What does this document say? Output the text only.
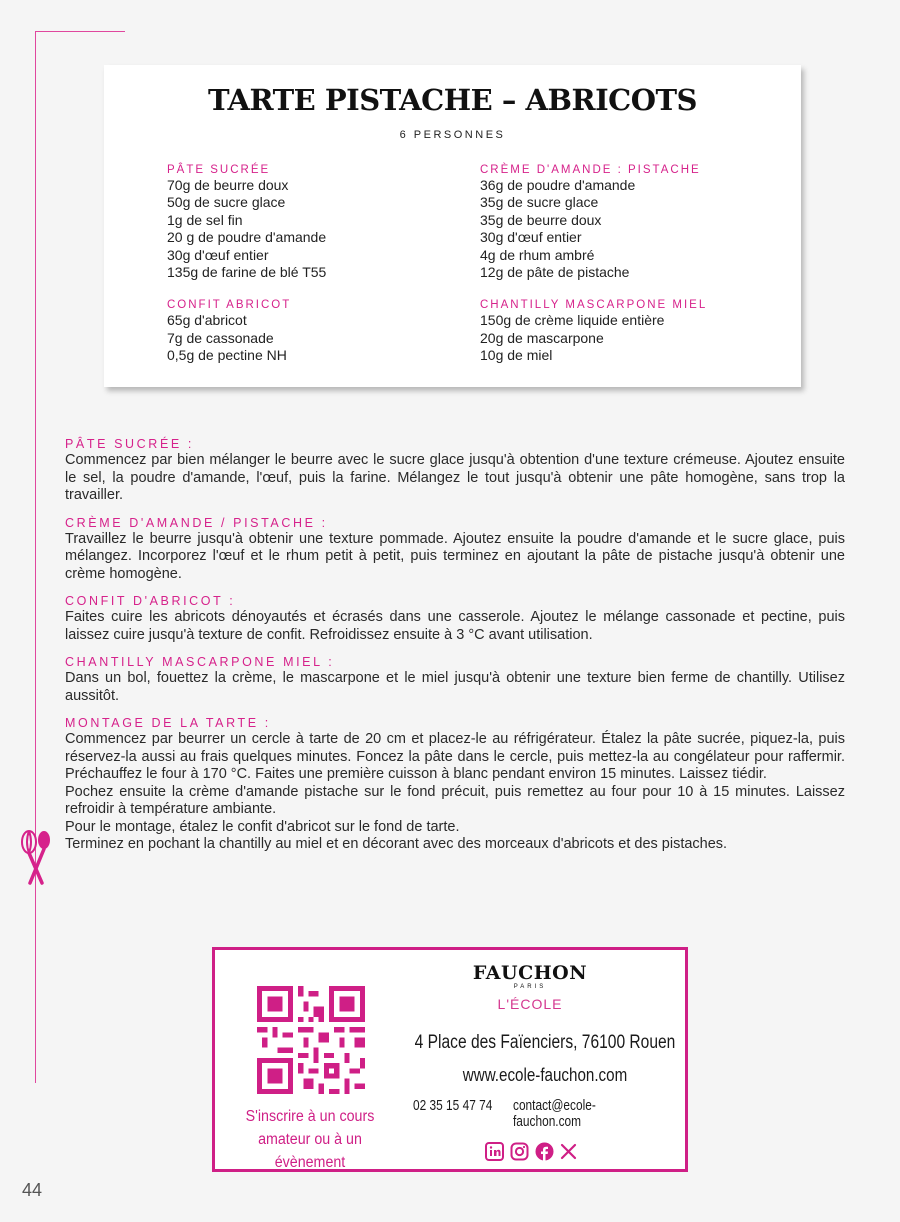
TARTE PISTACHE – ABRICOTS
6 PERSONNES
PÂTE SUCRÉE
70g de beurre doux
50g de sucre glace
1g de sel fin
20 g de poudre d'amande
30g d'œuf entier
135g de farine de blé T55
CONFIT ABRICOT
65g d'abricot
7g de cassonade
0,5g de pectine NH
CRÈME D'AMANDE : PISTACHE
36g de poudre d'amande
35g de sucre glace
35g de beurre doux
30g d'œuf entier
4g de rhum ambré
12g de pâte de pistache
CHANTILLY MASCARPONE MIEL
150g de crème liquide entière
20g de mascarpone
10g de miel
PÂTE SUCRÉE :

Commencez par bien mélanger le beurre avec le sucre glace jusqu'à obtention d'une texture crémeuse. Ajoutez ensuite le sel, la poudre d'amande, l'œuf, puis la farine. Mélangez le tout jusqu'à obtenir une pâte homogène, sans trop la travailler.

CRÈME D'AMANDE / PISTACHE :

Travaillez le beurre jusqu'à obtenir une texture pommade. Ajoutez ensuite la poudre d'amande et le sucre glace, puis mélangez. Incorporez l'œuf et le rhum petit à petit, puis terminez en ajoutant la pâte de pistache jusqu'à obtenir une crème homogène.

CONFIT D'ABRICOT :

Faites cuire les abricots dénoyautés et écrasés dans une casserole. Ajoutez le mélange cassonade et pectine, puis laissez cuire jusqu'à texture de confit. Refroidissez ensuite à 3 °C avant utilisation.

CHANTILLY MASCARPONE MIEL :

Dans un bol, fouettez la crème, le mascarpone et le miel jusqu'à obtenir une texture bien ferme de chantilly. Utilisez aussitôt.

MONTAGE DE LA TARTE :

Commencez par beurrer un cercle à tarte de 20 cm et placez-le au réfrigérateur. Étalez la pâte sucrée, piquez-la, puis réservez-la aussi au frais quelques minutes. Foncez la pâte dans le cercle, puis mettez-la au congélateur pour raffermir. Préchauffez le four à 170 °C. Faites une première cuisson à blanc pendant environ 15 minutes. Laissez tiédir.

Pochez ensuite la crème d'amande pistache sur le fond précuit, puis remettez au four pour 10 à 15 minutes. Laissez refroidir à température ambiante.

Pour le montage, étalez le confit d'abricot sur le fond de tarte.

Terminez en pochant la chantilly au miel et en décorant avec des morceaux d'abricots et des pistaches.

S'inscrire à un cours
amateur ou à un évènement
FAUCHON
PARIS
L'ÉCOLE
4 Place des Faïenciers, 76100 Rouen
www.ecole-fauchon.com
02 35 15 47 74 contact@ecole-fauchon.com
44
